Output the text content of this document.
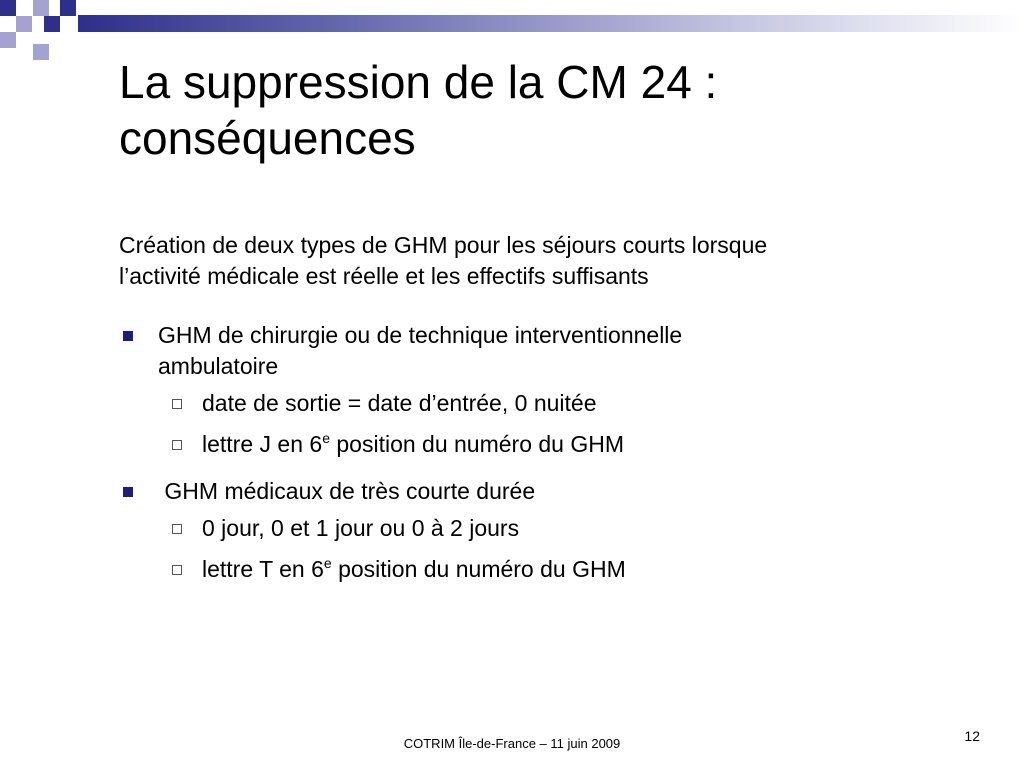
La suppression de la CM 24 :
conséquences

Création de deux types de GHM pour les séjours courts lorsque
l’activité médicale est réelle et les effectifs suffisants

GHM de chirurgie ou de technique interventionnelle
ambulatoire
date de sortie = date d’entrée, 0 nuitée
lettre J en 6e position du numéro du GHM
GHM médicaux de très courte durée
0 jour, 0 et 1 jour ou 0 à 2 jours
lettre T en 6e position du numéro du GHM
COTRIM Île-de-France – 11 juin 2009	12
